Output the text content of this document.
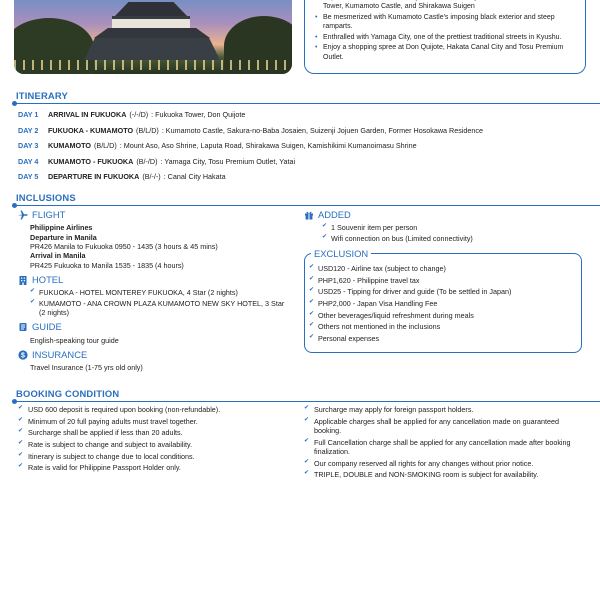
• Tower, Kumamoto Castle, and Shirakawa Suigen
• Be mesmerized with Kumamoto Castle's imposing black exterior and steep ramparts.
• Enthralled with Yamaga City, one of the prettiest traditional streets in Kyushu.
• Enjoy a shopping spree at Don Quijote, Hakata Canal City and Tosu Premium Outlet.
ITINERARY
DAY 1	ARRIVAL IN FUKUOKA (-/-/D) : Fukuoka Tower, Don Quijote
DAY 2	FUKUOKA - KUMAMOTO (B/L/D) : Kumamoto Castle, Sakura-no-Baba Josaien, Suizenji Jojuen Garden, Former Hosokawa Residence
DAY 3	KUMAMOTO (B/L/D) : Mount Aso, Aso Shrine, Laputa Road, Shirakawa Suigen, Kamishikimi Kumanoimasu Shrine
DAY 4	KUMAMOTO - FUKUOKA (B/-/D) : Yamaga City, Tosu Premium Outlet, Yatai
DAY 5	DEPARTURE IN FUKUOKA (B/-/-) : Canal City Hakata
INCLUSIONS
FLIGHT
Philippine Airlines
Departure in Manila
PR426 Manila to Fukuoka 0950 - 1435 (3 hours & 45 mins)
Arrival in Manila
PR425 Fukuoka to Manila 1535 - 1835 (4 hours)
HOTEL
✔ FUKUOKA - HOTEL MONTEREY FUKUOKA, 4 Star (2 nights)
✔ KUMAMOTO - ANA CROWN PLAZA KUMAMOTO NEW SKY HOTEL, 3 Star (2 nights)
GUIDE
English-speaking tour guide
$ INSURANCE
Travel Insurance (1-75 yrs old only)
ADDED
✔ 1 Souvenir item per person
✔ Wifi connection on bus (Limited connectivity)
EXCLUSION
✔ USD120 - Airline tax (subject to change)
✔ PHP1,620 - Philippine travel tax
✔ USD25 - Tipping for driver and guide (To be settled in Japan)
✔ PHP2,000 - Japan Visa Handling Fee
✔ Other beverages/liquid refreshment during meals
✔ Others not mentioned in the inclusions
✔ Personal expenses
BOOKING CONDITION
✔ USD 600 deposit is required upon booking (non-refundable).
✔ Minimum of 20 full paying adults must travel together.
✔ Surcharge shall be applied if less than 20 adults.
✔ Rate is subject to change and subject to availability.
✔ Itinerary is subject to change due to local conditions.
✔ Rate is valid for Philippine Passport Holder only.
✔ Surcharge may apply for foreign passport holders.
✔ Applicable charges shall be applied for any cancellation made on guaranteed booking.
✔ Full Cancellation charge shall be applied for any cancellation made after booking finalization.
✔ Our company reserved all rights for any changes without prior notice.
✔ TRIPLE, DOUBLE and NON-SMOKING room is subject for availability.
